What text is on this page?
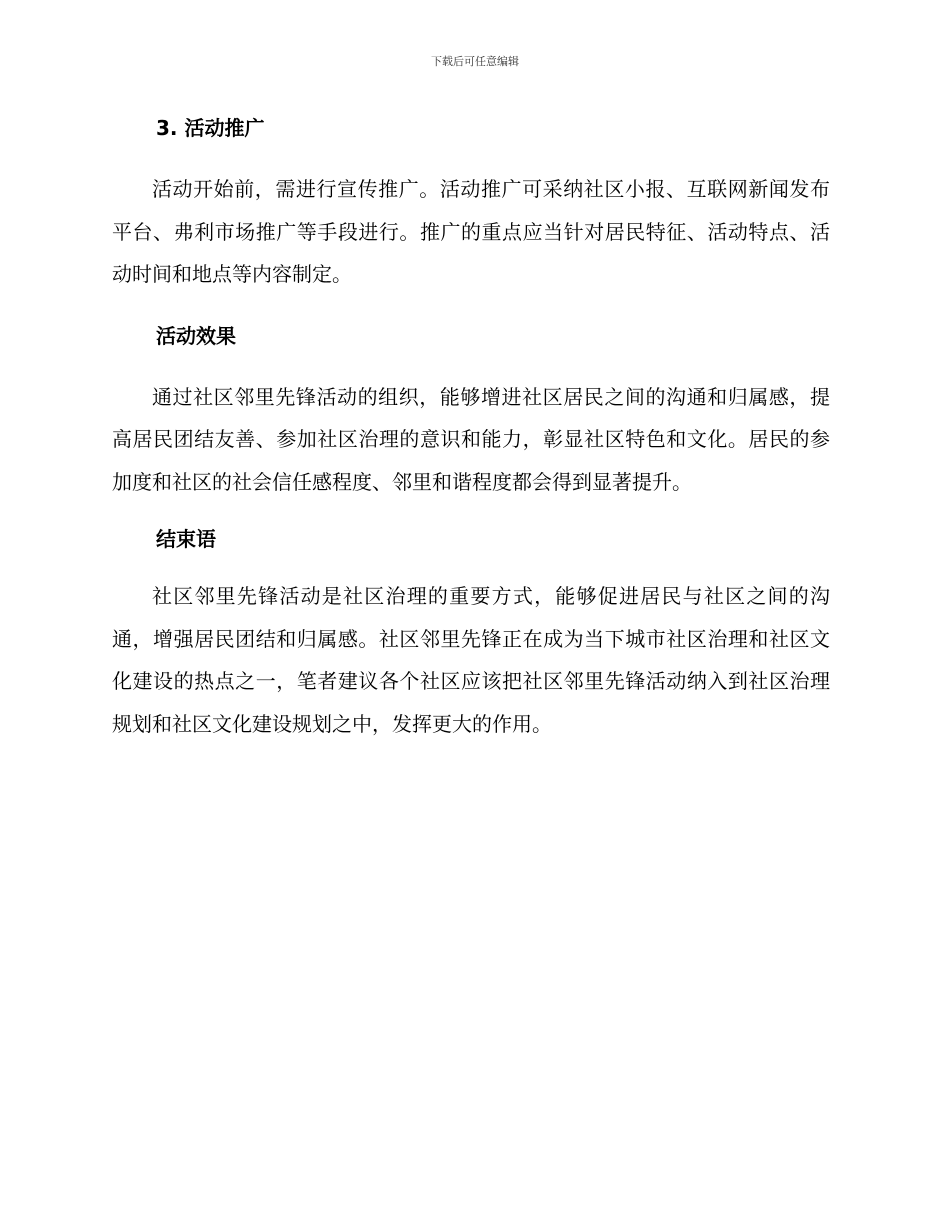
下载后可任意编辑
3. 活动推广

活动开始前，需进行宣传推广。活动推广可采纳社区小报、互联网新闻发布平台、弗利市场推广等手段进行。推广的重点应当针对居民特征、活动特点、活动时间和地点等内容制定。

活动效果

通过社区邻里先锋活动的组织，能够增进社区居民之间的沟通和归属感，提高居民团结友善、参加社区治理的意识和能力，彰显社区特色和文化。居民的参加度和社区的社会信任感程度、邻里和谐程度都会得到显著提升。

结束语

社区邻里先锋活动是社区治理的重要方式，能够促进居民与社区之间的沟通，增强居民团结和归属感。社区邻里先锋正在成为当下城市社区治理和社区文化建设的热点之一，笔者建议各个社区应该把社区邻里先锋活动纳入到社区治理规划和社区文化建设规划之中，发挥更大的作用。
